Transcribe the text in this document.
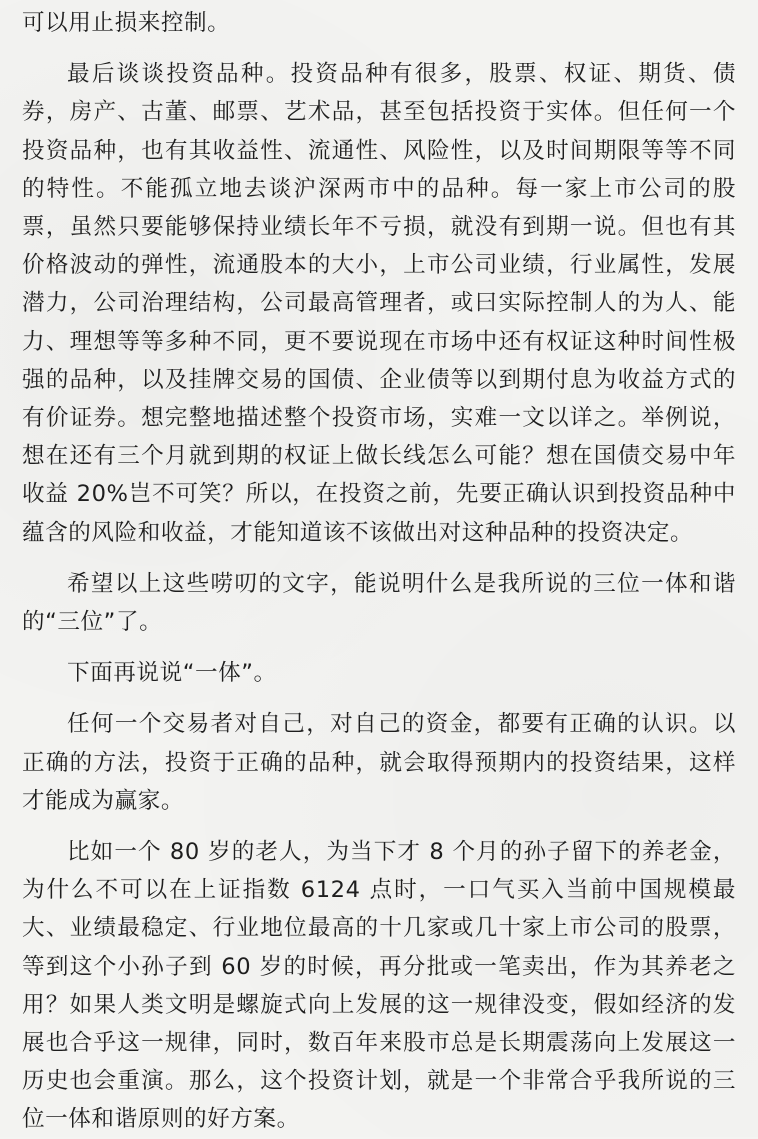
可以用止损来控制。

最后谈谈投资品种。投资品种有很多，股票、权证、期货、债券，房产、古董、邮票、艺术品，甚至包括投资于实体。但任何一个投资品种，也有其收益性、流通性、风险性，以及时间期限等等不同的特性。不能孤立地去谈沪深两市中的品种。每一家上市公司的股票，虽然只要能够保持业绩长年不亏损，就没有到期一说。但也有其价格波动的弹性，流通股本的大小，上市公司业绩，行业属性，发展潜力，公司治理结构，公司最高管理者，或曰实际控制人的为人、能力、理想等等多种不同，更不要说现在市场中还有权证这种时间性极强的品种，以及挂牌交易的国债、企业债等以到期付息为收益方式的有价证券。想完整地描述整个投资市场，实难一文以详之。举例说，想在还有三个月就到期的权证上做长线怎么可能？想在国债交易中年收益 20%岂不可笑？所以，在投资之前，先要正确认识到投资品种中蕴含的风险和收益，才能知道该不该做出对这种品种的投资决定。

希望以上这些唠叨的文字，能说明什么是我所说的三位一体和谐的“三位”了。

下面再说说“一体”。

任何一个交易者对自己，对自己的资金，都要有正确的认识。以正确的方法，投资于正确的品种，就会取得预期内的投资结果，这样才能成为赢家。

比如一个 80 岁的老人，为当下才 8 个月的孙子留下的养老金，为什么不可以在上证指数 6124 点时，一口气买入当前中国规模最大、业绩最稳定、行业地位最高的十几家或几十家上市公司的股票，等到这个小孙子到 60 岁的时候，再分批或一笔卖出，作为其养老之用？如果人类文明是螺旋式向上发展的这一规律没变，假如经济的发展也合乎这一规律，同时，数百年来股市总是长期震荡向上发展这一历史也会重演。那么，这个投资计划，就是一个非常合乎我所说的三位一体和谐原则的好方案。
